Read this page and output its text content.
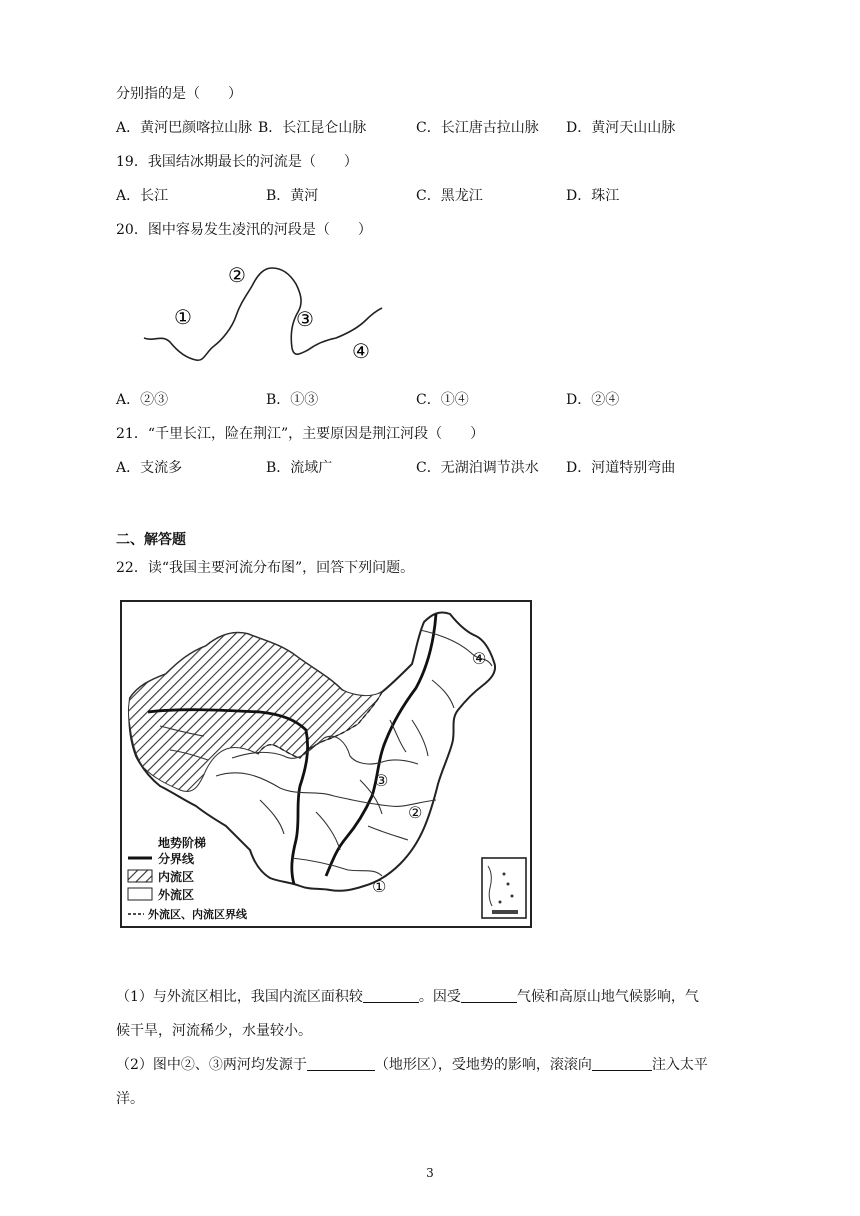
分别指的是（　　）
A．黄河巴颜喀拉山脉 B．长江昆仑山脉	C．长江唐古拉山脉 D．黄河天山山脉
19．我国结冰期最长的河流是（　　）
A．长江	B．黄河	C．黑龙江	D．珠江
20．图中容易发生凌汛的河段是（　　）
①
②
③
④
A．②③	B．①③	C．①④	D．②④
21．“千里长江，险在荆江”，主要原因是荆江河段（　　）
A．支流多	B．流域广	C．无湖泊调节洪水 D．河道特别弯曲
二、解答题
22．读“我国主要河流分布图”，回答下列问题。
①
②
③
④
地势阶梯
分界线
内流区
外流区
外流区、内流区界线
（1）与外流区相比，我国内流区面积较	。因受	气候和高原山地气候影响，气
候干旱，河流稀少，水量较小。
（2）图中②、③两河均发源于	（地形区），受地势的影响，滚滚向	注入太平
洋。
3
